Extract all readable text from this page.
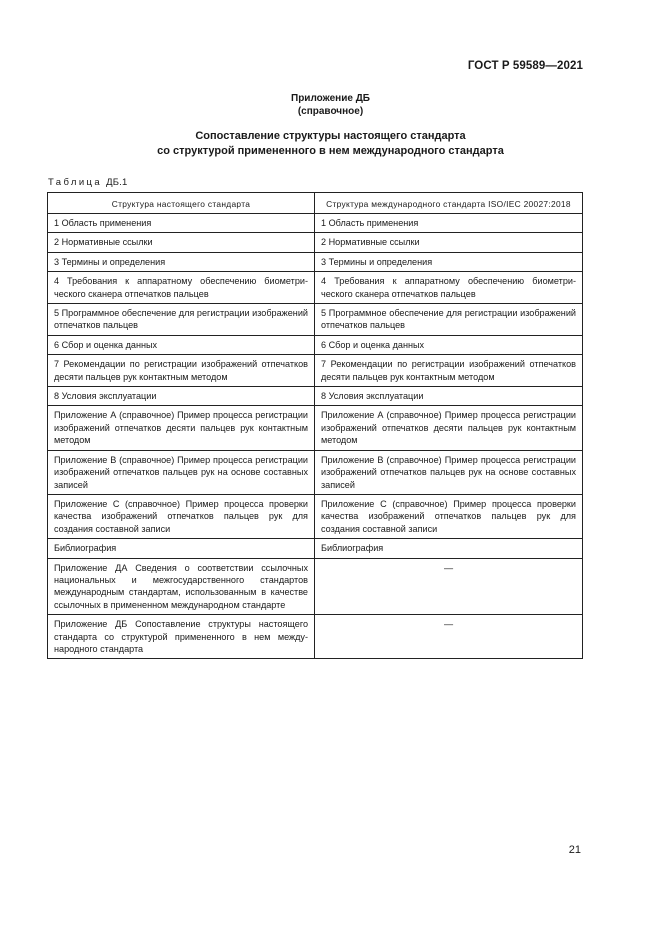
ГОСТ Р 59589—2021
Приложение ДБ
(справочное)
Сопоставление структуры настоящего стандарта
со структурой примененного в нем международного стандарта
Таблица ДБ.1
Структура настоящего стандарта	Структура международного стандарта ISO/IEC 20027:2018
1 Область применения	1 Область применения
2 Нормативные ссылки	2 Нормативные ссылки
3 Термины и определения	3 Термины и определения
4 Требования к аппаратному обеспечению биометрического сканера отпечатков пальцев	4 Требования к аппаратному обеспечению биометрического сканера отпечатков пальцев
5 Программное обеспечение для регистрации изображений отпечатков пальцев	5 Программное обеспечение для регистрации изображений отпечатков пальцев
6 Сбор и оценка данных	6 Сбор и оценка данных
7 Рекомендации по регистрации изображений отпечатков десяти пальцев рук контактным методом	7 Рекомендации по регистрации изображений отпечатков десяти пальцев рук контактным методом
8 Условия эксплуатации	8 Условия эксплуатации
Приложение А (справочное) Пример процесса регистрации изображений отпечатков десяти пальцев рук контактным методом	Приложение А (справочное) Пример процесса регистрации изображений отпечатков десяти пальцев рук контактным методом
Приложение В (справочное) Пример процесса регистрации изображений отпечатков пальцев рук на основе составных записей	Приложение В (справочное) Пример процесса регистрации изображений отпечатков пальцев рук на основе составных записей
Приложение С (справочное) Пример процесса проверки качества изображений отпечатков пальцев рук для создания составной записи	Приложение С (справочное) Пример процесса проверки качества изображений отпечатков пальцев рук для создания составной записи
Библиография	Библиография
Приложение ДА Сведения о соответствии ссылочных национальных и межгосударственного стандартов международным стандартам, использованным в качестве ссылочных в примененном международном стандарте	—
Приложение ДБ Сопоставление структуры настоящего стандарта со структурой примененного в нем международного стандарта	—
21
